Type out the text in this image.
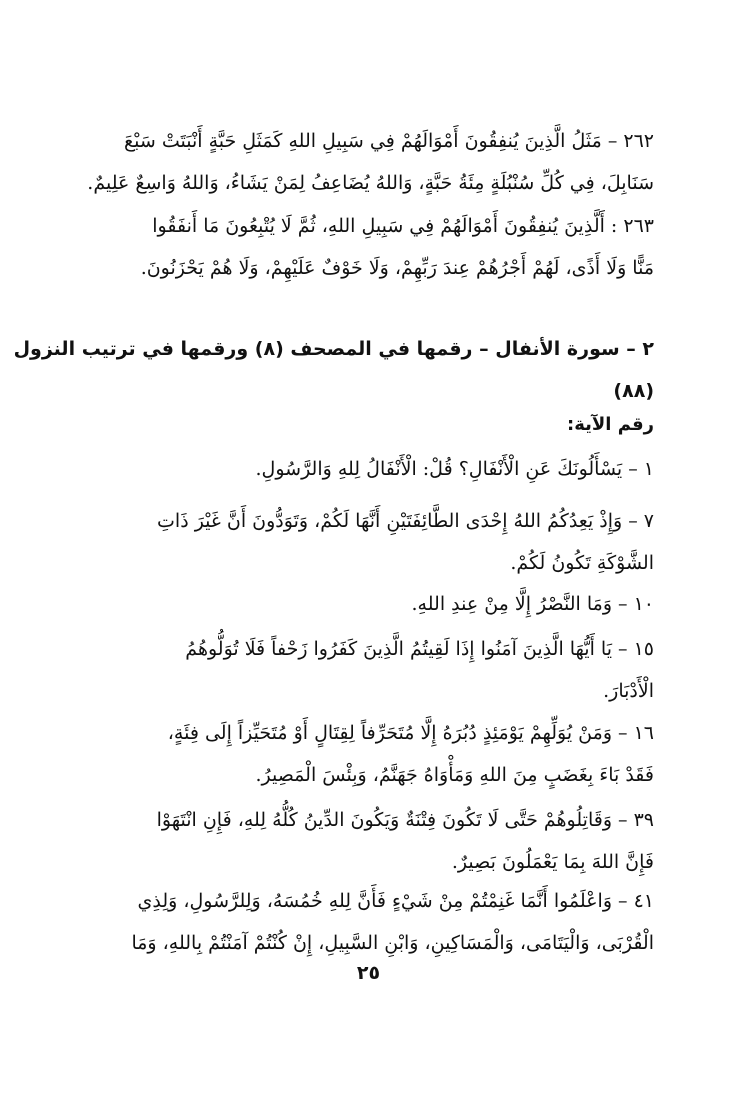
٢٦٢ – مَثَلُ الَّذِينَ يُنفِقُونَ أَمْوَالَهُمْ فِي سَبِيلِ اللهِ كَمَثَلِ حَبَّةٍ أَنْبَتَتْ سَبْعَ
سَنَابِلَ، فِي كُلِّ سُنْبُلَةٍ مِئَةُ حَبَّةٍ، وَاللهُ يُضَاعِفُ لِمَنْ يَشَاءُ، وَاللهُ وَاسِعٌ عَلِيمٌ.
٢٦٣ : أَلَّذِينَ يُنفِقُونَ أَمْوَالَهُمْ فِي سَبِيلِ اللهِ، ثُمَّ لَا يُتْبِعُونَ مَا أَنفَقُوا
مَنًّا وَلَا أَذًى، لَهُمْ أَجْرُهُمْ عِندَ رَبِّهِمْ، وَلَا خَوْفٌ عَلَيْهِمْ، وَلَا هُمْ يَحْزَنُونَ.
٢ – سورة الأنفال – رقمها في المصحف (٨) ورقمها في ترتيب النزول
(٨٨)
رقم الآية:
١ – يَسْأَلُونَكَ عَنِ الْأَنْفَالِ؟ قُلْ: الْأَنْفَالُ لِلهِ وَالرَّسُولِ.
٧ – وَإِذْ يَعِدُكُمُ اللهُ إِحْدَى الطَّائِفَتَيْنِ أَنَّهَا لَكُمْ، وَتَوَدُّونَ أَنَّ غَيْرَ ذَاتِ
الشَّوْكَةِ تَكُونُ لَكُمْ.
١٠ – وَمَا النَّصْرُ إِلَّا مِنْ عِندِ اللهِ.
١٥ – يَا أَيُّهَا الَّذِينَ آمَنُوا إِذَا لَقِيتُمُ الَّذِينَ كَفَرُوا زَحْفاً فَلَا تُوَلُّوهُمُ
الْأَدْبَارَ.
١٦ – وَمَنْ يُوَلِّهِمْ يَوْمَئِذٍ دُبُرَهُ إِلَّا مُتَحَرِّفاً لِقِتَالٍ أَوْ مُتَحَيِّزاً إِلَى فِئَةٍ،
فَقَدْ بَاءَ بِغَضَبٍ مِنَ اللهِ وَمَأْوَاهُ جَهَنَّمُ، وَبِئْسَ الْمَصِيرُ.
٣٩ – وَقَاتِلُوهُمْ حَتَّى لَا تَكُونَ فِتْنَةٌ وَيَكُونَ الدِّينُ كُلُّهُ لِلهِ، فَإِنِ انْتَهَوْا
فَإِنَّ اللهَ بِمَا يَعْمَلُونَ بَصِيرٌ.
٤١ – وَاعْلَمُوا أَنَّمَا غَنِمْتُمْ مِنْ شَيْءٍ فَأَنَّ لِلهِ خُمُسَهُ، وَلِلرَّسُولِ، وَلِذِي
الْقُرْبَى، وَالْيَتَامَى، وَالْمَسَاكِينِ، وَابْنِ السَّبِيلِ، إِنْ كُنْتُمْ آمَنْتُمْ بِاللهِ، وَمَا
٢٥
